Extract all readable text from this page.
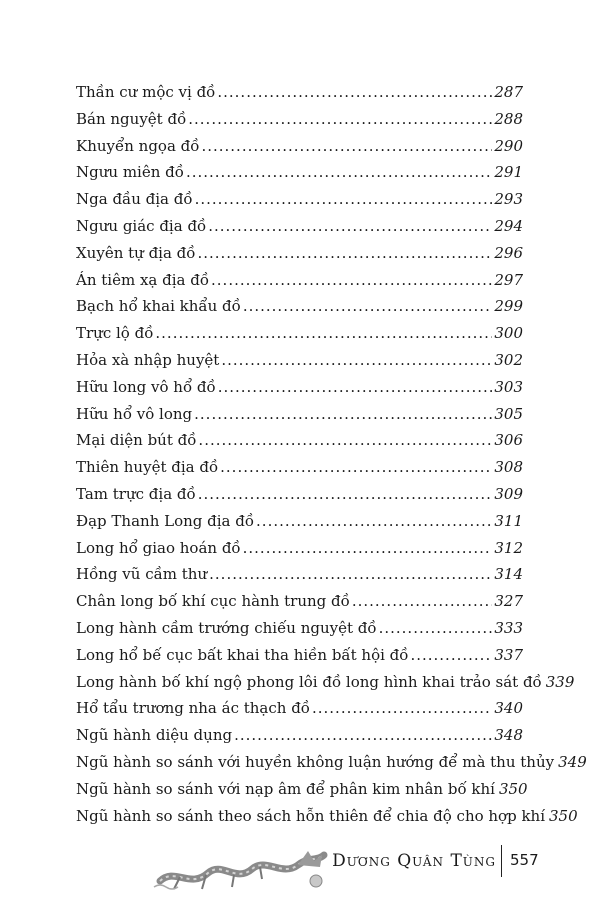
Thần cư mộc vị đồ .....	287
Bán nguyệt đồ .....	288
Khuyển ngọa đồ .....	290
Ngưu miên đồ .....	291
Nga đầu địa đồ .....	293
Ngưu giác địa đồ .....	294
Xuyên tự địa đồ .....	296
Án tiêm xạ địa đồ .....	297
Bạch hổ khai khẩu đồ .....	299
Trực lộ đồ .....	300
Hỏa xà nhập huyệt .....	302
Hữu long vô hổ đồ .....	303
Hữu hổ vô long .....	305
Mại diện bút đồ .....	306
Thiên huyệt địa đồ .....	308
Tam trực địa đồ .....	309
Đạp Thanh Long địa đồ .....	311
Long hổ giao hoán đồ .....	312
Hồng vũ cầm thư .....	314
Chân long bố khí cục hành trung đồ .....	327
Long hành cầm trướng chiếu nguyệt đồ .....	333
Long hổ bế cục bất khai tha hiền bất hội đồ .....	337
Long hành bố khí ngộ phong lôi đồ long hình khai trảo sát đồ 339
Hổ tẩu trương nha ác thạch đồ .....	340
Ngũ hành diệu dụng .....	348
Ngũ hành so sánh với huyền không luận hướng để mà thu thủy 349
Ngũ hành so sánh với nạp âm để phân kim nhân bố khí 350
Ngũ hành so sánh theo sách hỗn thiên để chia độ cho hợp khí 350
Dương Quân Tùng 557
